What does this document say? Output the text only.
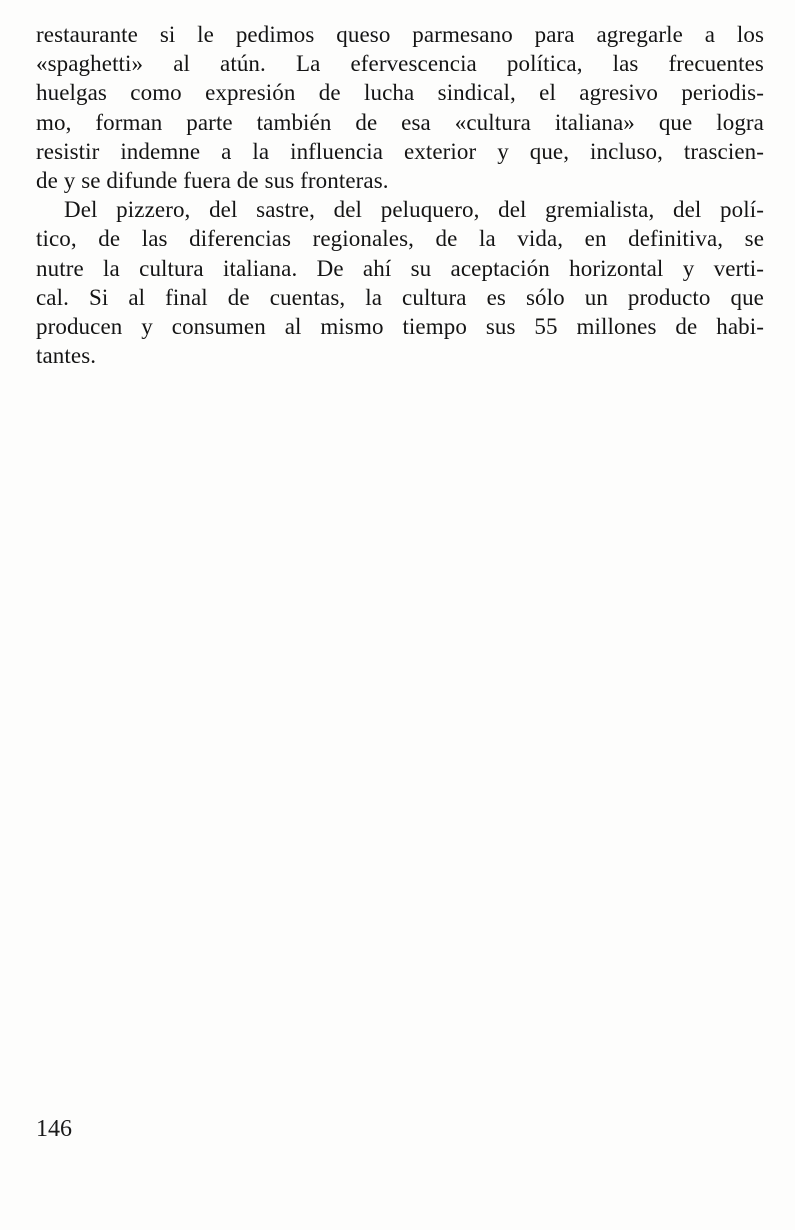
restaurante si le pedimos queso parmesano para agregarle a los
«spaghetti» al atún. La efervescencia política, las frecuentes
huelgas como expresión de lucha sindical, el agresivo periodis-
mo, forman parte también de esa «cultura italiana» que logra
resistir indemne a la influencia exterior y que, incluso, trascien-
de y se difunde fuera de sus fronteras.
Del pizzero, del sastre, del peluquero, del gremialista, del polí-
tico, de las diferencias regionales, de la vida, en definitiva, se
nutre la cultura italiana. De ahí su aceptación horizontal y verti-
cal. Si al final de cuentas, la cultura es sólo un producto que
producen y consumen al mismo tiempo sus 55 millones de habi-
tantes.
146
